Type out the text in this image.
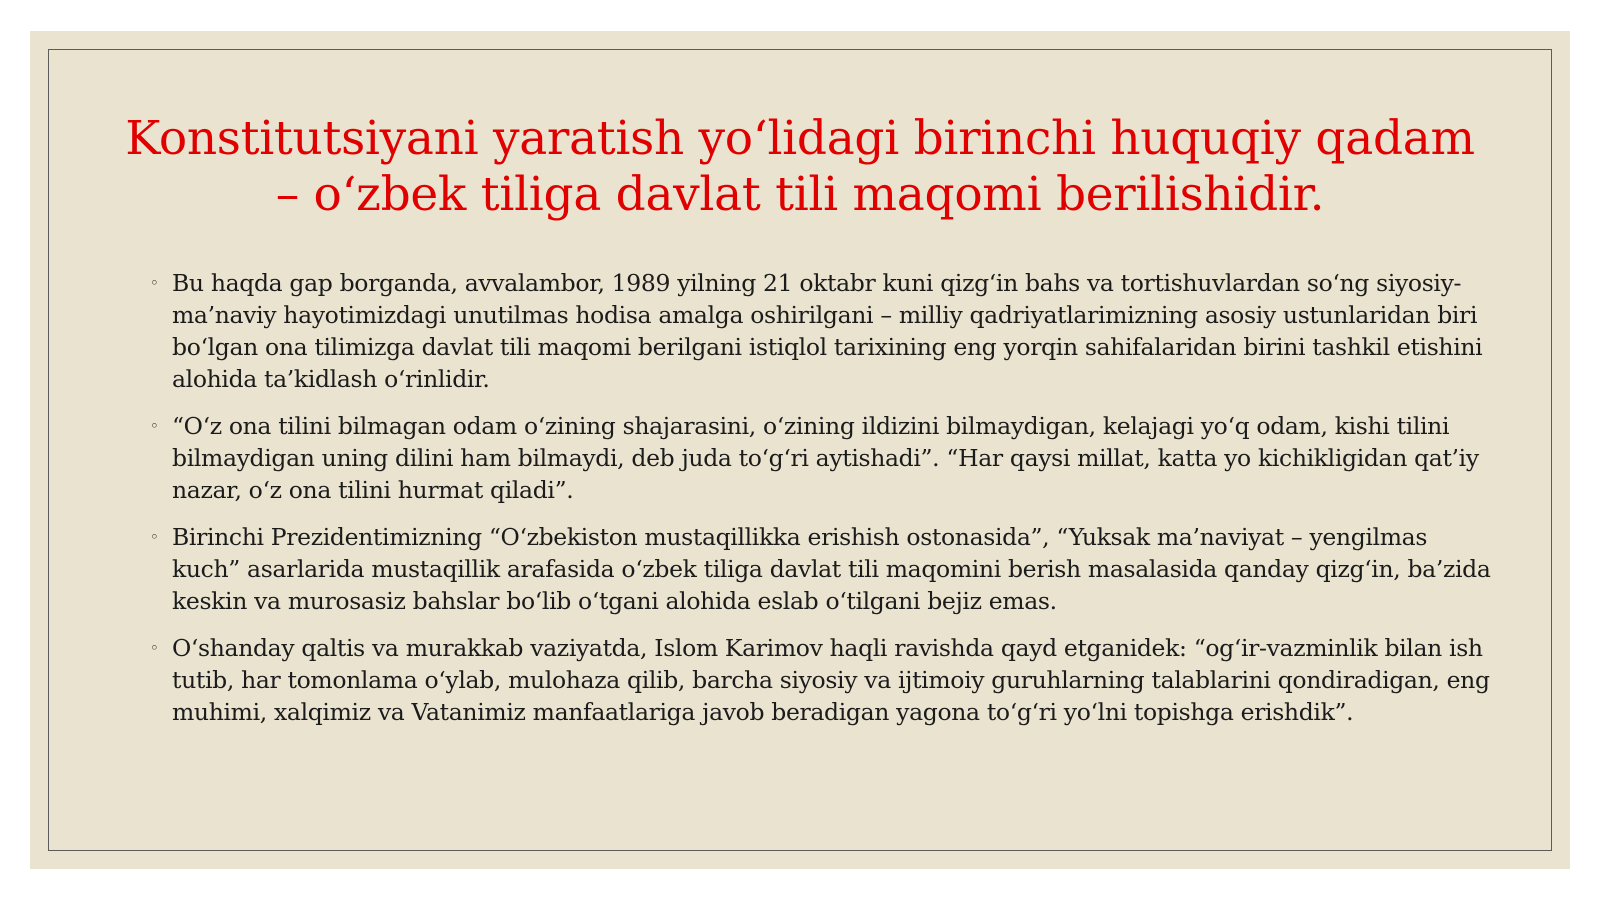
Konstitutsiyani yaratish yo‘lidagi birinchi huquqiy qadam – o‘zbek tiliga davlat tili maqomi berilishidir.
◦ Bu haqda gap borganda, avvalambor, 1989 yilning 21 oktabr kuni qizg‘in bahs va tortishuvlardan so‘ng siyosiy-ma’naviy hayotimizdagi unutilmas hodisa amalga oshirilgani – milliy qadriyatlarimizning asosiy ustunlaridan biri bo‘lgan ona tilimizga davlat tili maqomi berilgani istiqlol tarixining eng yorqin sahifalaridan birini tashkil etishini alohida ta’kidlash o‘rinlidir.
◦ “O‘z ona tilini bilmagan odam o‘zining shajarasini, o‘zining ildizini bilmaydigan, kelajagi yo‘q odam, kishi tilini bilmaydigan uning dilini ham bilmaydi, deb juda to‘g‘ri aytishadi”. “Har qaysi millat, katta yo kichikligidan qat’iy nazar, o‘z ona tilini hurmat qiladi”.
◦ Birinchi Prezidentimizning “O‘zbekiston mustaqillikka erishish ostonasida”, “Yuksak ma’naviyat – yengilmas kuch” asarlarida mustaqillik arafasida o‘zbek tiliga davlat tili maqomini berish masalasida qanday qizg‘in, ba’zida keskin va murosasiz bahslar bo‘lib o‘tgani alohida eslab o‘tilgani bejiz emas.
◦ O‘shanday qaltis va murakkab vaziyatda, Islom Karimov haqli ravishda qayd etganidek: “og‘ir-vazminlik bilan ish tutib, har tomonlama o‘ylab, mulohaza qilib, barcha siyosiy va ijtimoiy guruhlarning talablarini qondiradigan, eng muhimi, xalqimiz va Vatanimiz manfaatlariga javob beradigan yagona to‘g‘ri yo‘lni topishga erishdik”.
